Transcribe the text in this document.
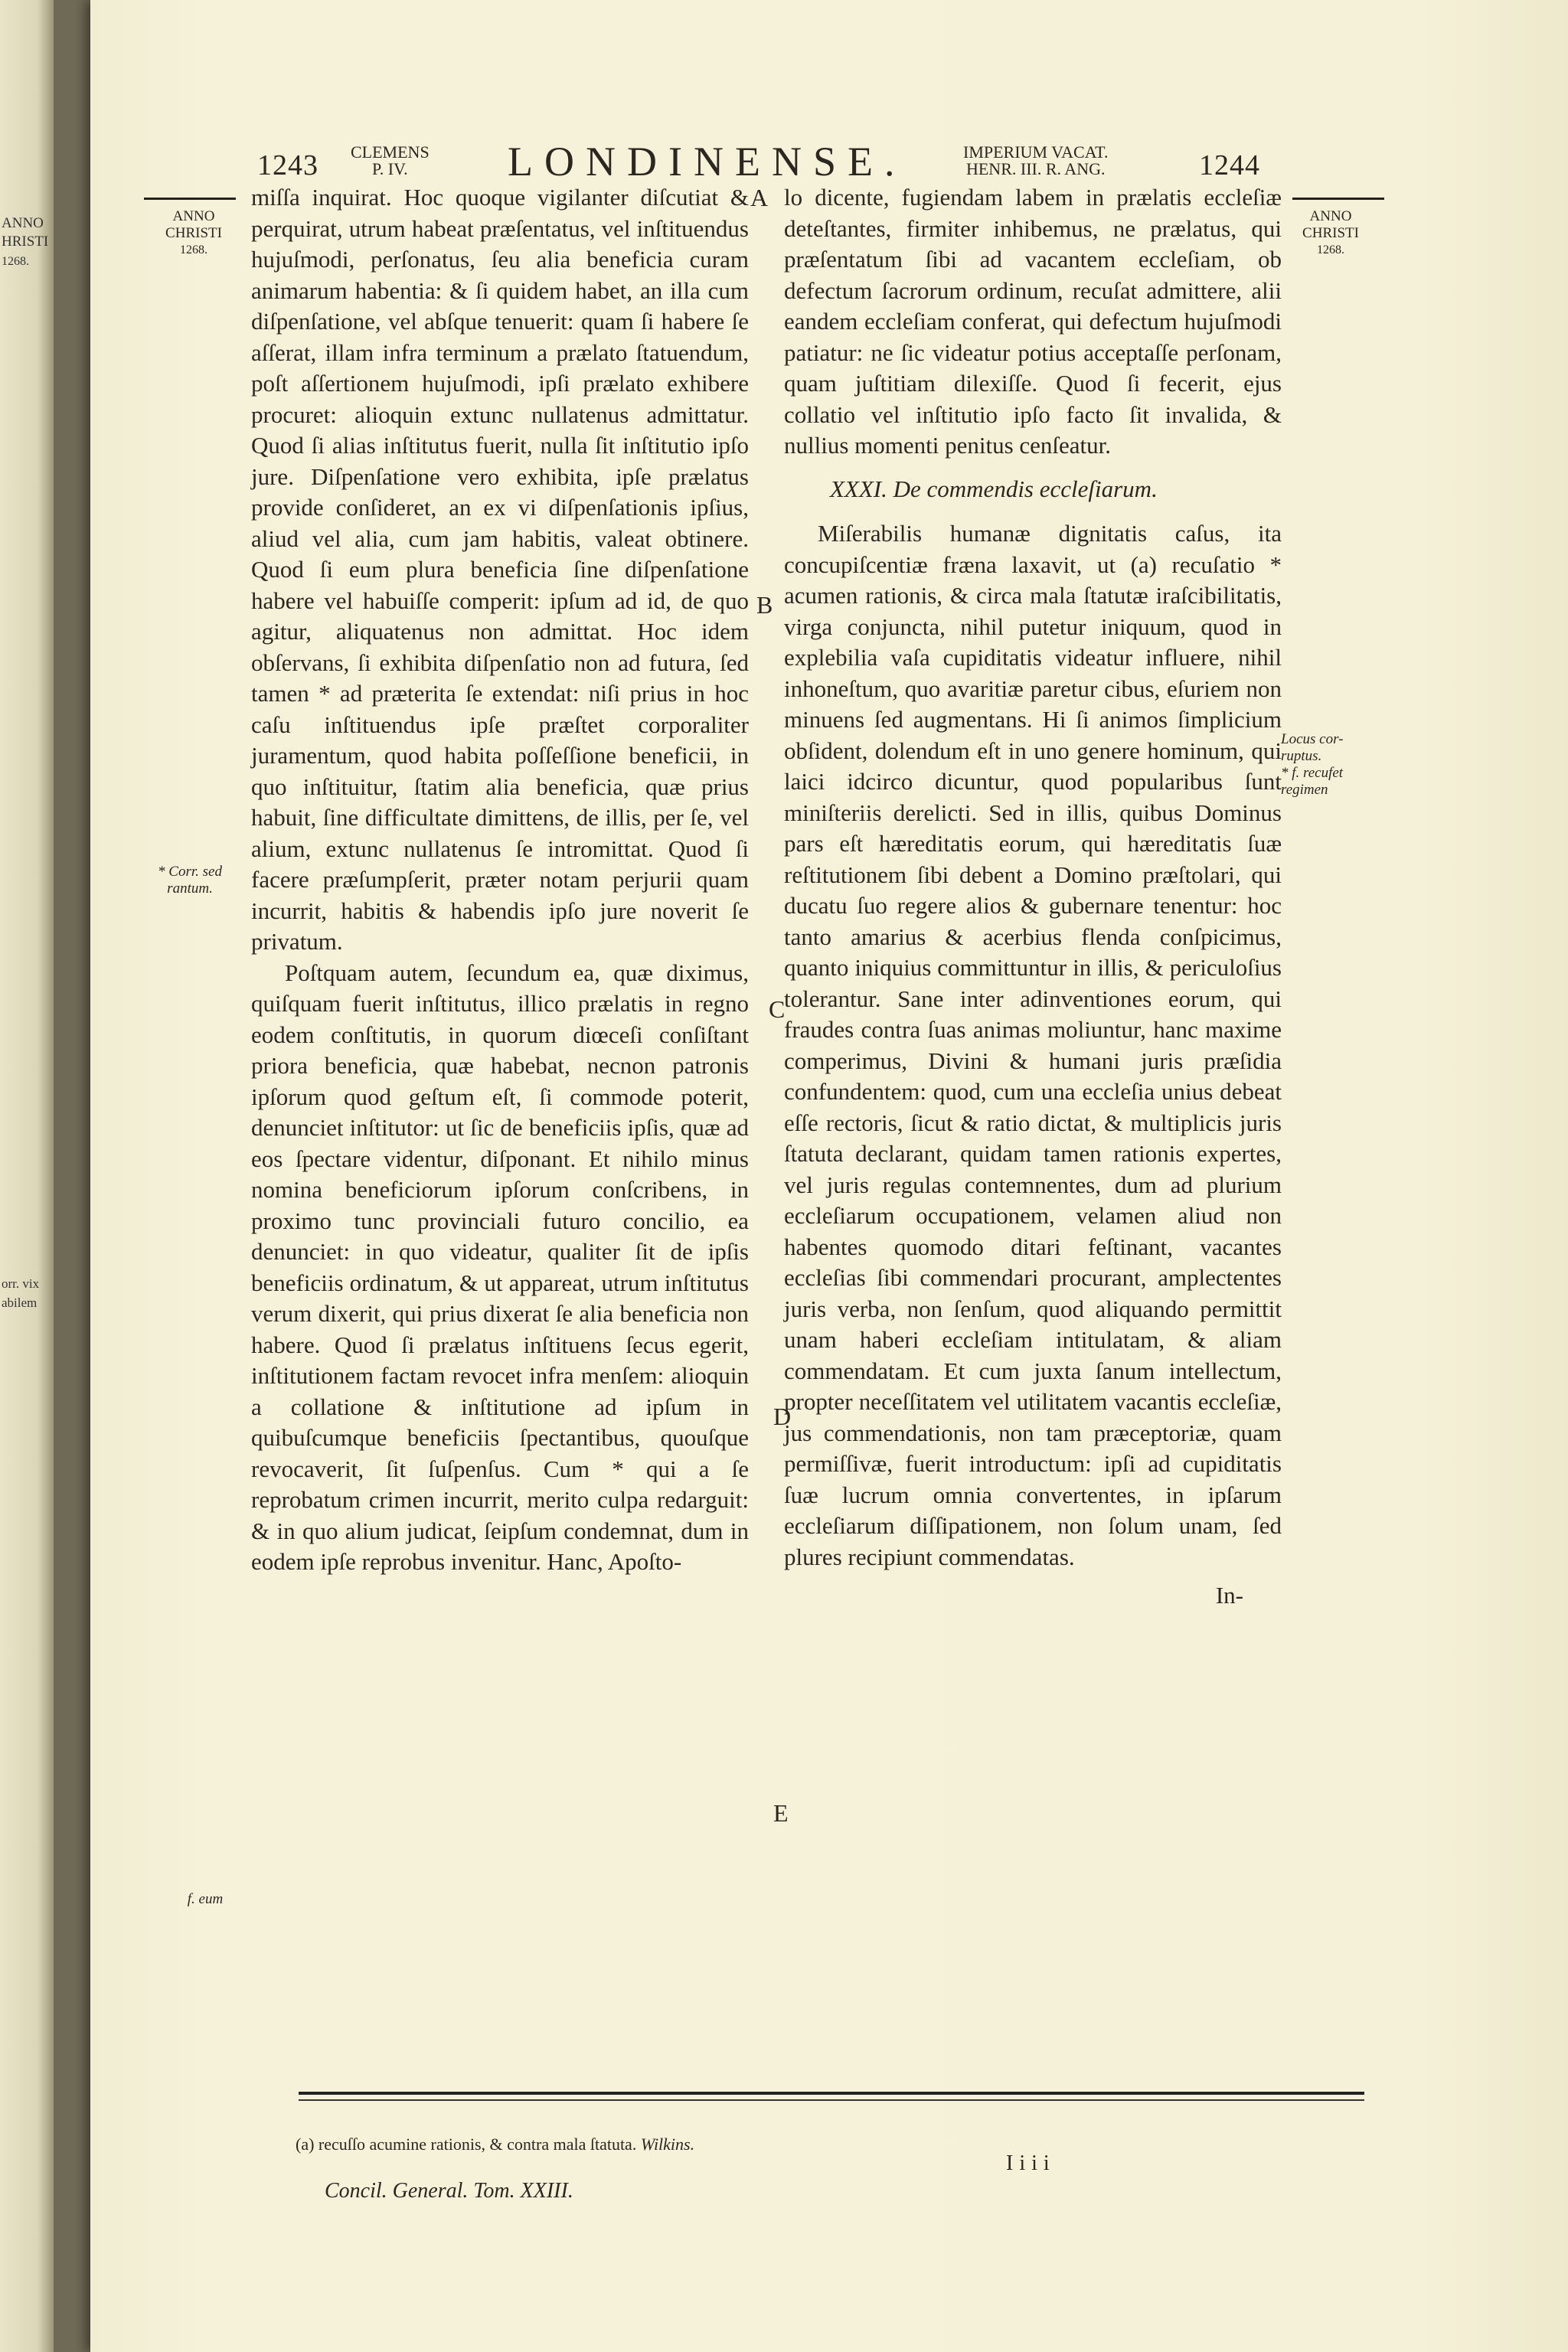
ANNO
HRISTI
1268.
orr. vix
abilem
1243 CLEMENS
P. IV.	LONDINENSE.	IMPERIUM VACAT.
HENR. III. R. ANG.	1244
ANNO
CHRISTI
1268.
ANNO
CHRISTI
1268.
* Corr. sed
rantum.
f. eum
Locus cor-
ruptus.
* f. recufet
regimen
A
B
C
D
E

miſſa inquirat. Hoc quoque vigilanter diſcutiat & perquirat, utrum habeat præſentatus, vel inſtituendus hujuſmodi, perſonatus, ſeu alia beneficia curam animarum habentia: & ſi quidem habet, an illa cum diſpenſatione, vel abſque tenuerit: quam ſi habere ſe aſſerat, illam infra terminum a prælato ſtatuendum, poſt aſſertionem hujuſmodi, ipſi prælato exhibere procuret: alioquin extunc nullatenus admittatur. Quod ſi alias inſtitutus fuerit, nulla ſit inſtitutio ipſo jure. Diſpenſatione vero exhibita, ipſe prælatus provide conſideret, an ex vi diſpenſationis ipſius, aliud vel alia, cum jam habitis, valeat obtinere. Quod ſi eum plura beneficia ſine diſpenſatione habere vel habuiſſe comperit: ipſum ad id, de quo agitur, aliquatenus non admittat. Hoc idem obſervans, ſi exhibita diſpenſatio non ad futura, ſed tamen * ad præterita ſe extendat: niſi prius in hoc caſu inſtituendus ipſe præſtet corporaliter juramentum, quod habita poſſeſſione beneficii, in quo inſtituitur, ſtatim alia beneficia, quæ prius habuit, ſine difficultate dimittens, de illis, per ſe, vel alium, extunc nullatenus ſe intromittat. Quod ſi facere præſumpſerit, præter notam perjurii quam incurrit, habitis & habendis ipſo jure noverit ſe privatum.

Poſtquam autem, ſecundum ea, quæ diximus, quiſquam fuerit inſtitutus, illico prælatis in regno eodem conſtitutis, in quorum diœceſi conſiſtant priora beneficia, quæ habebat, necnon patronis ipſorum quod geſtum eſt, ſi commode poterit, denunciet inſtitutor: ut ſic de beneficiis ipſis, quæ ad eos ſpectare videntur, diſponant. Et nihilo minus nomina beneficiorum ipſorum conſcribens, in proximo tunc provinciali futuro concilio, ea denunciet: in quo videatur, qualiter ſit de ipſis beneficiis ordinatum, & ut appareat, utrum inſtitutus verum dixerit, qui prius dixerat ſe alia beneficia non habere. Quod ſi prælatus inſtituens ſecus egerit, inſtitutionem factam revocet infra menſem: alioquin a collatione & inſtitutione ad ipſum in quibuſcumque beneficiis ſpectantibus, quouſque revocaverit, ſit ſuſpenſus. Cum * qui a ſe reprobatum crimen incurrit, merito culpa redarguit: & in quo alium judicat, ſeipſum condemnat, dum in eodem ipſe reprobus invenitur. Hanc, Apoſto-

lo dicente, fugiendam labem in prælatis eccleſiæ deteſtantes, firmiter inhibemus, ne prælatus, qui præſentatum ſibi ad vacantem eccleſiam, ob defectum ſacrorum ordinum, recuſat admittere, alii eandem eccleſiam conferat, qui defectum hujuſmodi patiatur: ne ſic videatur potius acceptaſſe perſonam, quam juſtitiam dilexiſſe. Quod ſi fecerit, ejus collatio vel inſtitutio ipſo facto ſit invalida, & nullius momenti penitus cenſeatur.

XXXI. De commendis eccleſiarum.

Miſerabilis humanæ dignitatis caſus, ita concupiſcentiæ fræna laxavit, ut (a) recuſatio * acumen rationis, & circa mala ſtatutæ iraſcibilitatis, virga conjuncta, nihil putetur iniquum, quod in explebilia vaſa cupiditatis videatur influere, nihil inhoneſtum, quo avaritiæ paretur cibus, eſuriem non minuens ſed augmentans. Hi ſi animos ſimplicium obſident, dolendum eſt in uno genere hominum, qui laici idcirco dicuntur, quod popularibus ſunt miniſteriis derelicti. Sed in illis, quibus Dominus pars eſt hæreditatis eorum, qui hæreditatis ſuæ reſtitutionem ſibi debent a Domino præſtolari, qui ducatu ſuo regere alios & gubernare tenentur: hoc tanto amarius & acerbius flenda conſpicimus, quanto iniquius committuntur in illis, & periculoſius tolerantur. Sane inter adinventiones eorum, qui fraudes contra ſuas animas moliuntur, hanc maxime comperimus, Divini & humani juris præſidia confundentem: quod, cum una eccleſia unius debeat eſſe rectoris, ſicut & ratio dictat, & multiplicis juris ſtatuta declarant, quidam tamen rationis expertes, vel juris regulas contemnentes, dum ad plurium eccleſiarum occupationem, velamen aliud non habentes quomodo ditari feſtinant, vacantes eccleſias ſibi commendari procurant, amplectentes juris verba, non ſenſum, quod aliquando permittit unam haberi eccleſiam intitulatam, & aliam commendatam. Et cum juxta ſanum intellectum, propter neceſſitatem vel utilitatem vacantis eccleſiæ, jus commendationis, non tam præceptoriæ, quam permiſſivæ, fuerit introductum: ipſi ad cupiditatis ſuæ lucrum omnia convertentes, in ipſarum eccleſiarum diſſipationem, non ſolum unam, ſed plures recipiunt commendatas.

In-

(a) recuſſo acumine rationis, & contra mala ſtatuta. Wilkins.
Iiii
Concil. General. Tom. XXIII.
